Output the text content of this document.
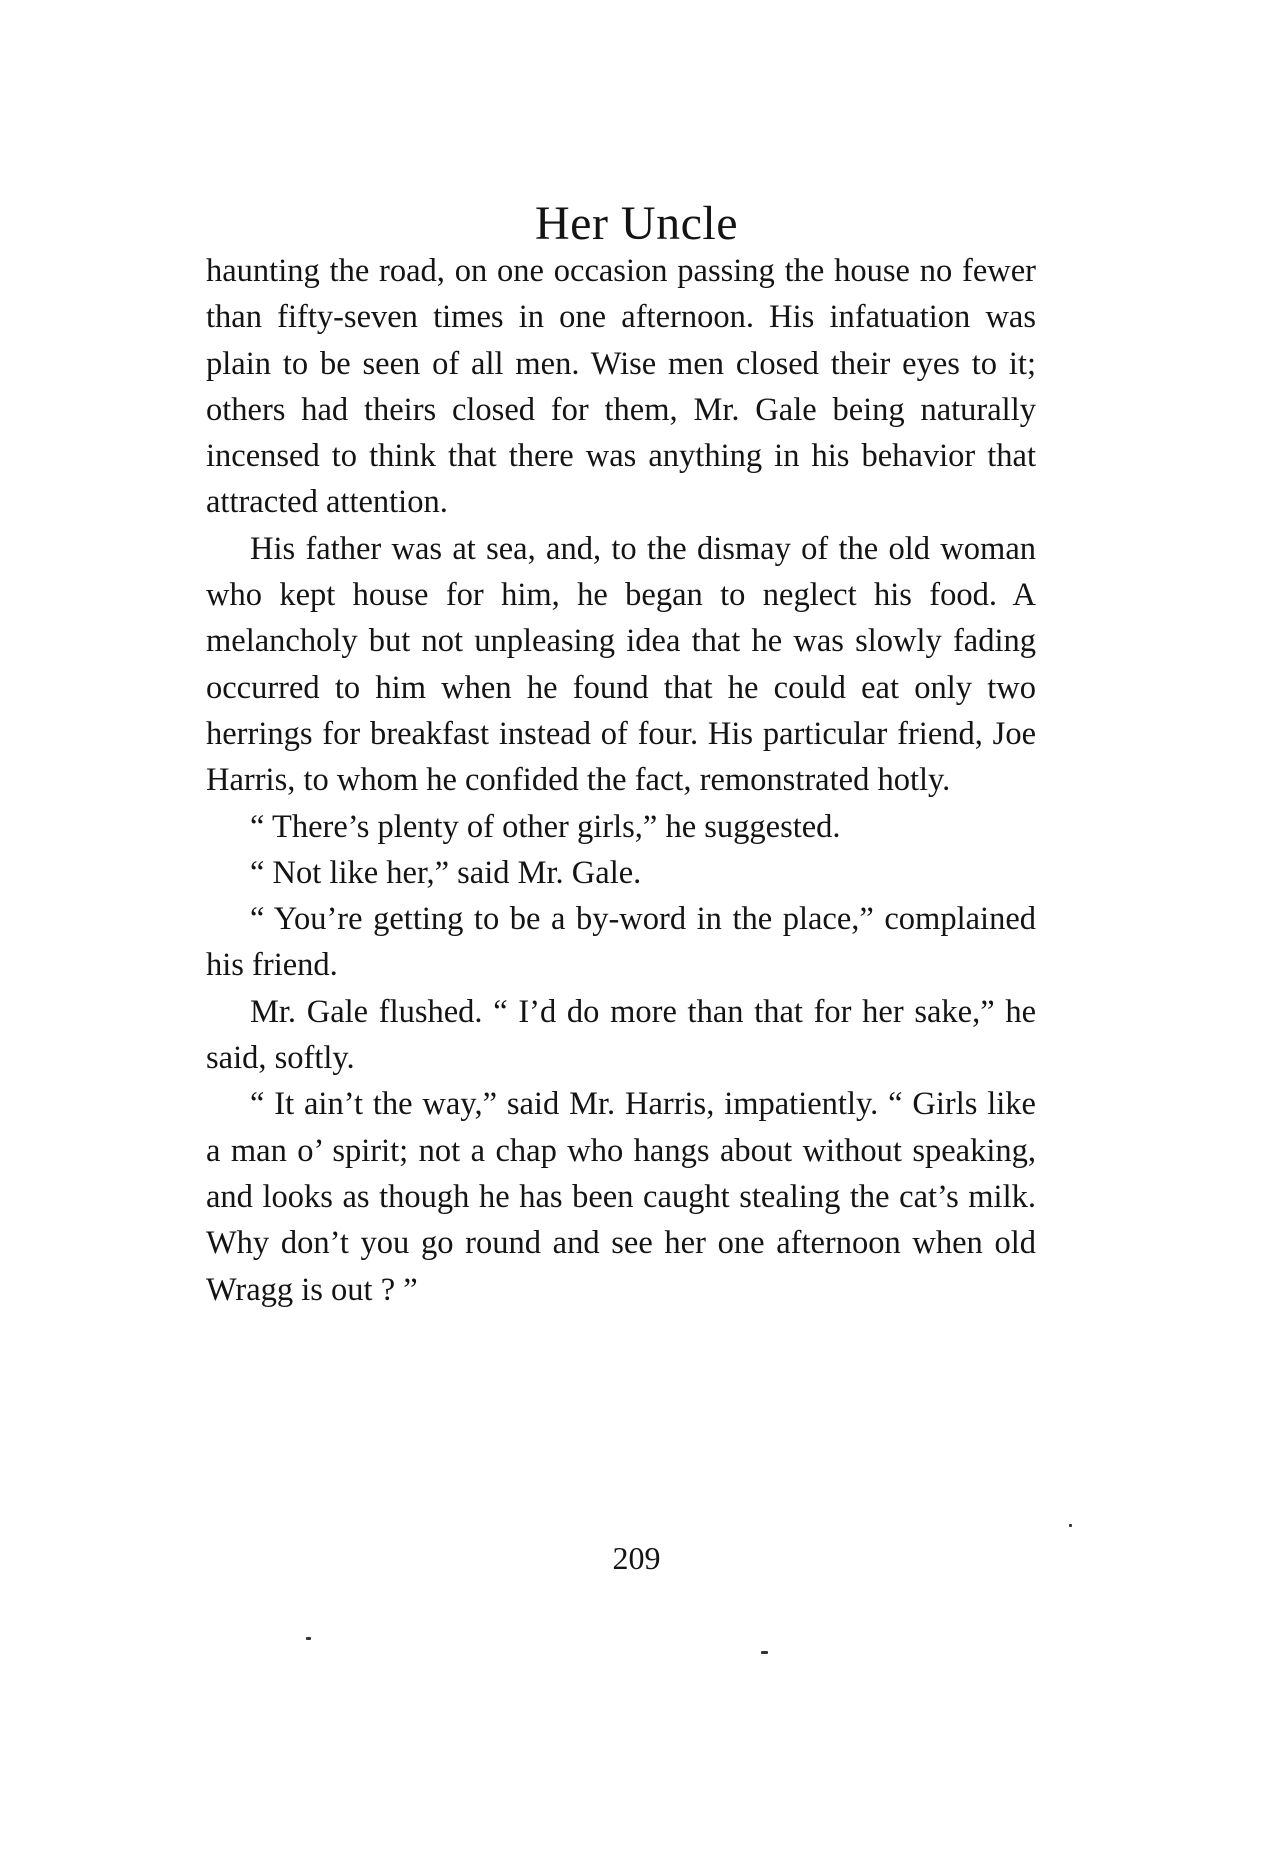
Her Uncle

haunting the road, on one occasion passing the house no fewer than fifty-seven times in one afternoon. His infatuation was plain to be seen of all men. Wise men closed their eyes to it; others had theirs closed for them, Mr. Gale being naturally incensed to think that there was anything in his behavior that attracted attention.

His father was at sea, and, to the dismay of the old woman who kept house for him, he began to neglect his food. A melancholy but not unpleasing idea that he was slowly fading occurred to him when he found that he could eat only two herrings for breakfast instead of four. His particular friend, Joe Harris, to whom he confided the fact, remonstrated hotly.

“ There’s plenty of other girls,” he suggested.

“ Not like her,” said Mr. Gale.

“ You’re getting to be a by-word in the place,” complained his friend.

Mr. Gale flushed. “ I’d do more than that for her sake,” he said, softly.

“ It ain’t the way,” said Mr. Harris, impatiently. “ Girls like a man o’ spirit; not a chap who hangs about without speaking, and looks as though he has been caught stealing the cat’s milk. Why don’t you go round and see her one afternoon when old Wragg is out ? ”

209
